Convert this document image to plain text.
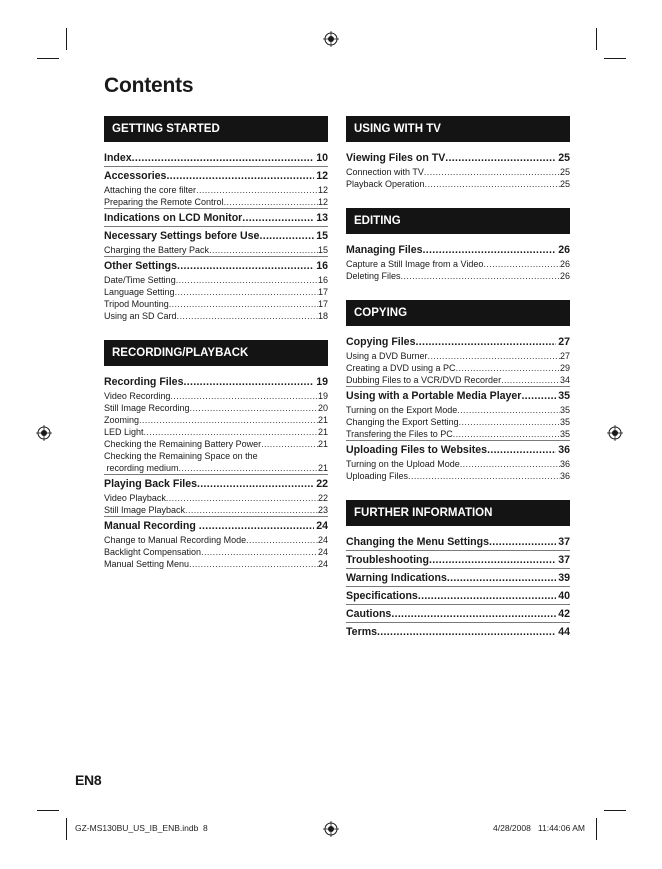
Contents
GETTING STARTED
Index .....	10
Accessories .....	12
Attaching the core filter .....	12
Preparing the Remote Control .....	12
Indications on LCD Monitor .....	13
Necessary Settings before Use .....	15
Charging the Battery Pack .....	15
Other Settings .....	16
Date/Time Setting .....	16
Language Setting .....	17
Tripod Mounting .....	17
Using an SD Card .....	18
RECORDING/PLAYBACK
Recording Files .....	19
Video Recording .....	19
Still Image Recording .....	20
Zooming .....	21
LED Light .....	21
Checking the Remaining Battery Power .....	21
Checking the Remaining Space on the
recording medium .....	21
Playing Back Files .....	22
Video Playback .....	22
Still Image Playback .....	23
Manual Recording .....	24
Change to Manual Recording Mode .....	24
Backlight Compensation .....	24
Manual Setting Menu .....	24
USING WITH TV
Viewing Files on TV .....	25
Connection with TV .....	25
Playback Operation .....	25
EDITING
Managing Files .....	26
Capture a Still Image from a Video .....	26
Deleting Files .....	26
COPYING
Copying Files .....	27
Using a DVD Burner .....	27
Creating a DVD using a PC .....	29
Dubbing Files to a VCR/DVD Recorder .....	34
Using with a Portable Media Player .....	35
Turning on the Export Mode .....	35
Changing the Export Setting .....	35
Transfering the Files to PC .....	35
Uploading Files to Websites .....	36
Turning on the Upload Mode .....	36
Uploading Files .....	36
FURTHER INFORMATION
Changing the Menu Settings .....	37
Troubleshooting .....	37
Warning Indications .....	39
Specifications .....	40
Cautions .....	42
Terms .....	44
EN8
GZ-MS130BU_US_IB_ENB.indb 8	4/28/2008   11:44:06 AM
